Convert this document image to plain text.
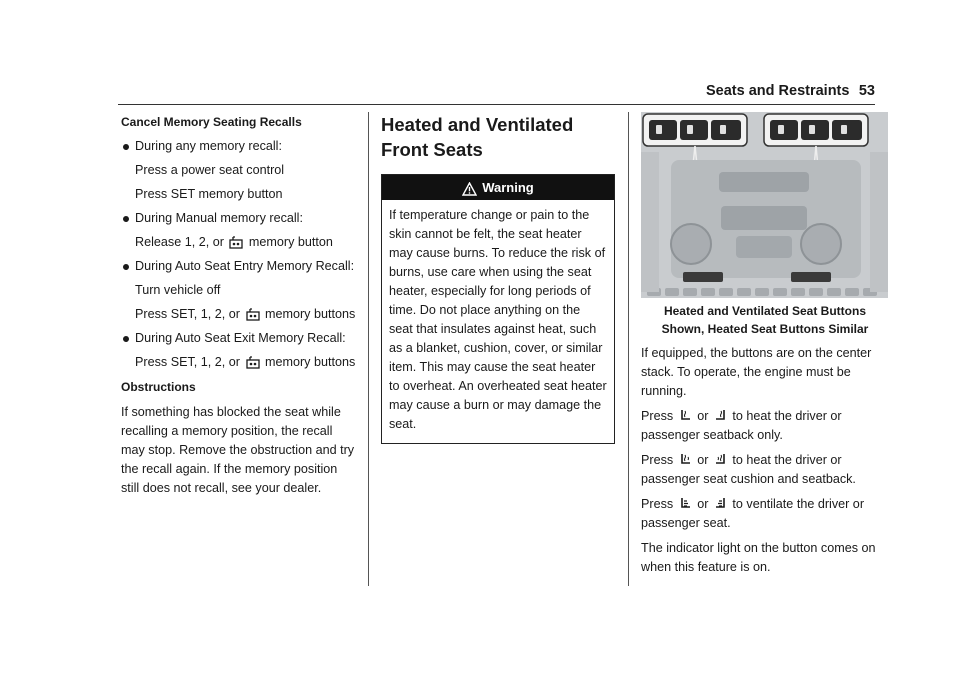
Seats and Restraints 53

Cancel Memory Seating Recalls

During any memory recall:

Press a power seat control

Press SET memory button

During Manual memory recall:

Release 1, 2, or memory button

During Auto Seat Entry Memory Recall:

Turn vehicle off

Press SET, 1, 2, or memory buttons

During Auto Seat Exit Memory Recall:

Press SET, 1, 2, or memory buttons

Obstructions

If something has blocked the seat while recalling a memory position, the recall may stop. Remove the obstruction and try the recall again. If the memory position still does not recall, see your dealer.

Heated and Ventilated Front Seats

Warning

If temperature change or pain to the skin cannot be felt, the seat heater may cause burns. To reduce the risk of burns, use care when using the seat heater, especially for long periods of time. Do not place anything on the seat that insulates against heat, such as a blanket, cushion, cover, or similar item. This may cause the seat heater to overheat. An overheated seat heater may cause a burn or may damage the seat.

Heated and Ventilated Seat Buttons Shown, Heated Seat Buttons Similar

If equipped, the buttons are on the center stack. To operate, the engine must be running.

Press or to heat the driver or passenger seatback only.

Press or to heat the driver or passenger seat cushion and seatback.

Press or to ventilate the driver or passenger seat.

The indicator light on the button comes on when this feature is on.
